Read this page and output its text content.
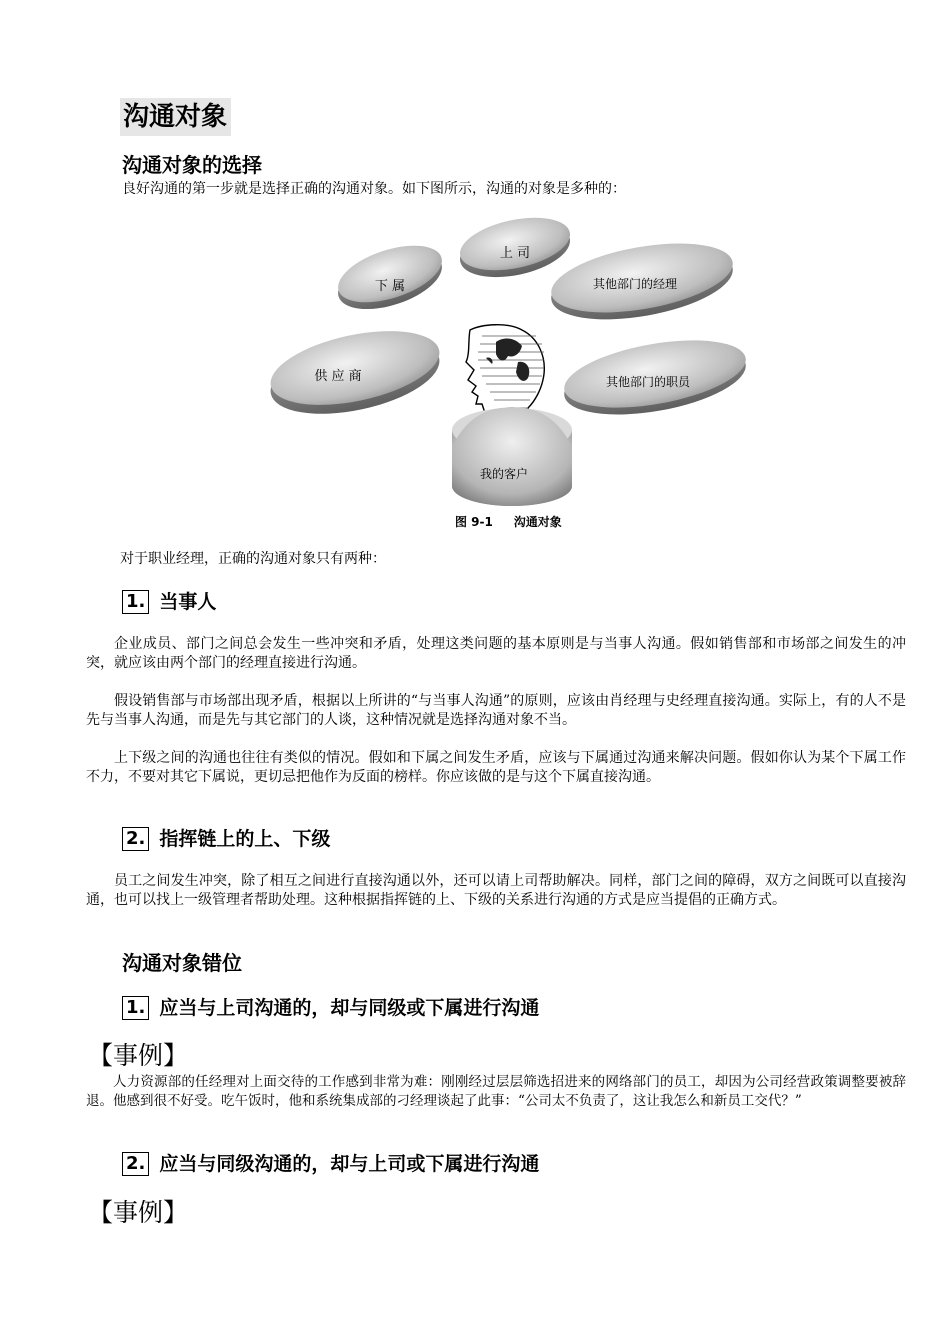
沟通对象
沟通对象的选择

良好沟通的第一步就是选择正确的沟通对象。如下图所示，沟通的对象是多种的：

上 司
下 属	其他部门的经理
供 应 商	其他部门的职员
我的客户

图 9-1     沟通对象

对于职业经理，正确的沟通对象只有两种：

1. 当事人

企业成员、部门之间总会发生一些冲突和矛盾，处理这类问题的基本原则是与当事人沟通。假如销售部和市场部之间发生的冲突，就应该由两个部门的经理直接进行沟通。

假设销售部与市场部出现矛盾，根据以上所讲的“与当事人沟通”的原则，应该由肖经理与史经理直接沟通。实际上，有的人不是先与当事人沟通，而是先与其它部门的人谈，这种情况就是选择沟通对象不当。

上下级之间的沟通也往往有类似的情况。假如和下属之间发生矛盾，应该与下属通过沟通来解决问题。假如你认为某个下属工作不力，不要对其它下属说，更切忌把他作为反面的榜样。你应该做的是与这个下属直接沟通。

2. 指挥链上的上、下级

员工之间发生冲突，除了相互之间进行直接沟通以外，还可以请上司帮助解决。同样，部门之间的障碍，双方之间既可以直接沟通，也可以找上一级管理者帮助处理。这种根据指挥链的上、下级的关系进行沟通的方式是应当提倡的正确方式。

沟通对象错位
1. 应当与上司沟通的，却与同级或下属进行沟通

【事例】

人力资源部的任经理对上面交待的工作感到非常为难：刚刚经过层层筛选招进来的网络部门的员工，却因为公司经营政策调整要被辞退。他感到很不好受。吃午饭时，他和系统集成部的刁经理谈起了此事：“公司太不负责了，这让我怎么和新员工交代？”

2. 应当与同级沟通的，却与上司或下属进行沟通

【事例】
